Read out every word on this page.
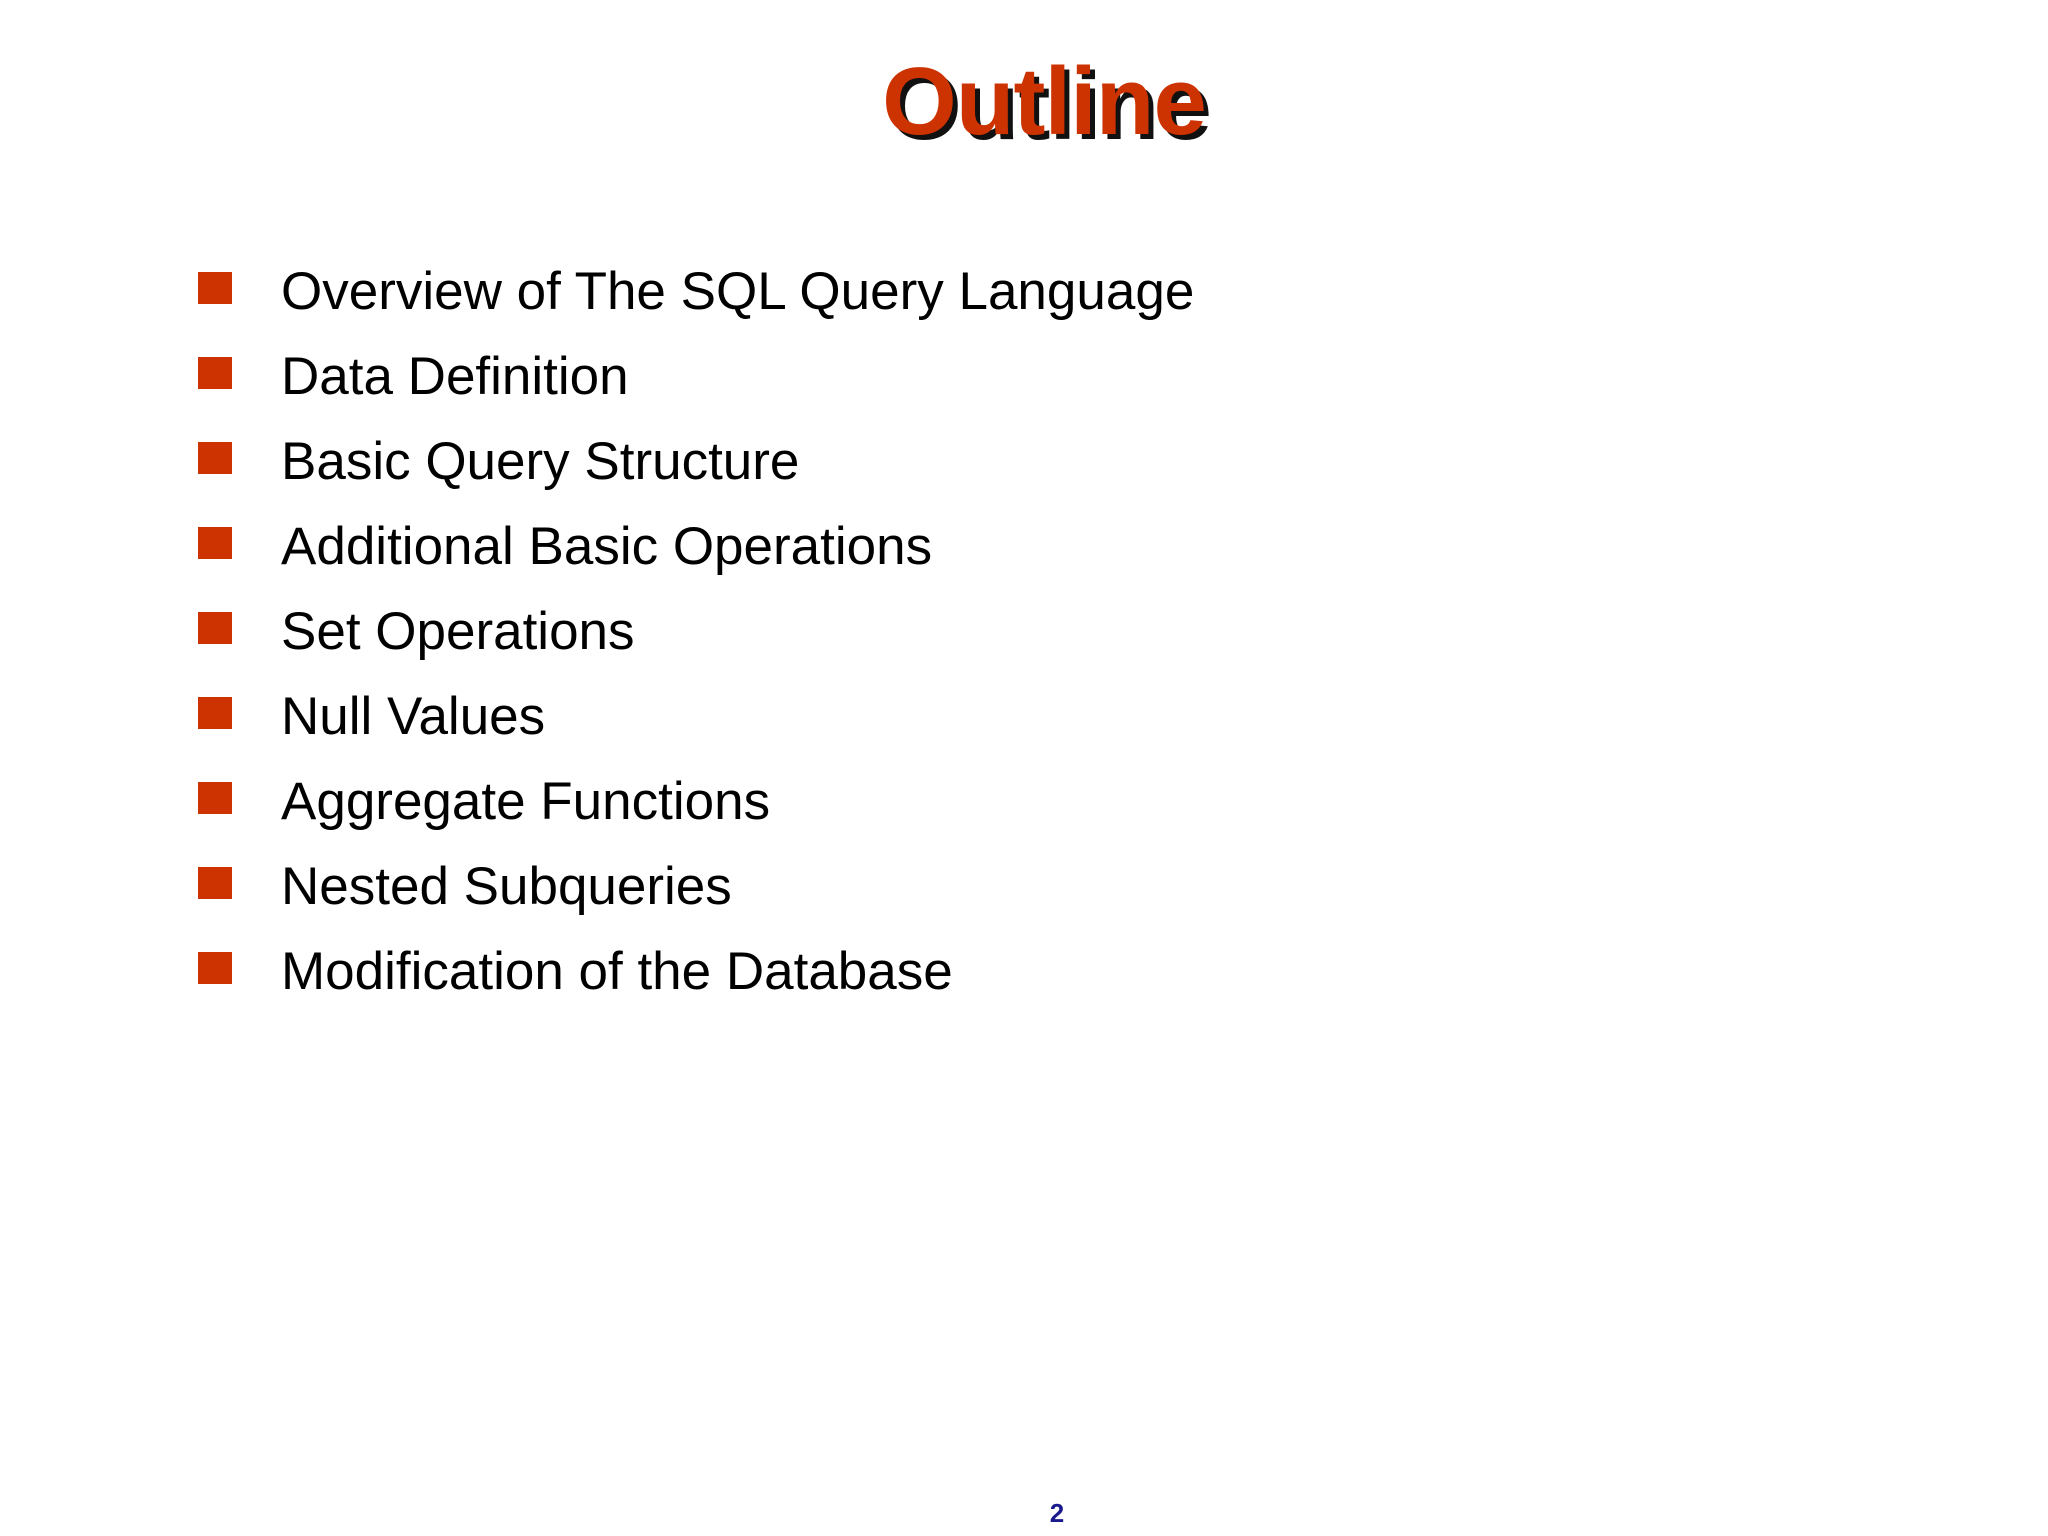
Outline
Overview of The SQL Query Language
Data Definition
Basic Query Structure
Additional Basic Operations
Set Operations
Null Values
Aggregate Functions
Nested Subqueries
Modification of the Database
2
